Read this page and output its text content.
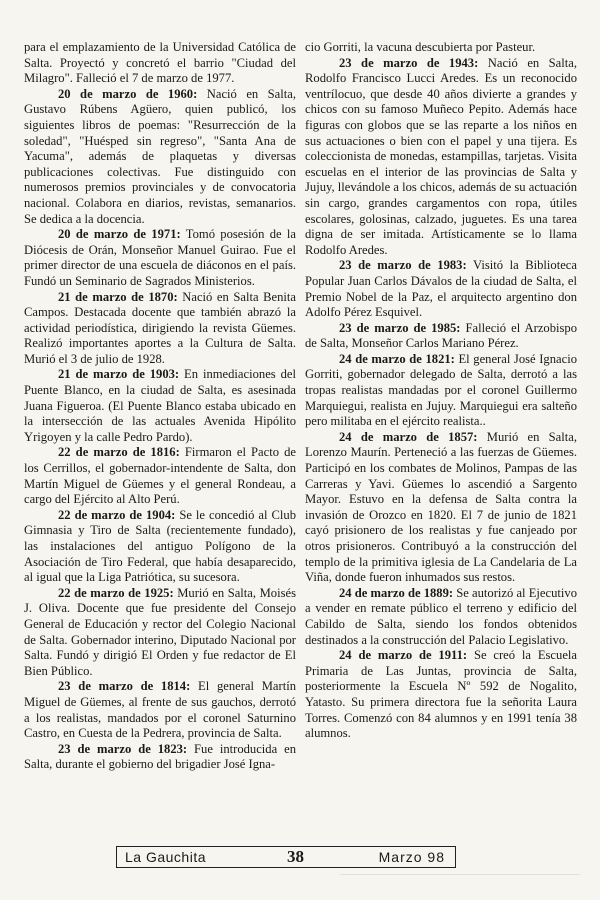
para el emplazamiento de la Universidad Católica de Salta. Proyectó y concretó el barrio "Ciudad del Milagro". Falleció el 7 de marzo de 1977.

20 de marzo de 1960: Nació en Salta, Gustavo Rúbens Agüero, quien publicó, los siguientes libros de poemas: "Resurrección de la soledad", "Huésped sin regreso", "Santa Ana de Yacuma", además de plaquetas y diversas publicaciones colectivas. Fue distinguido con numerosos premios provinciales y de convocatoria nacional. Colabora en diarios, revistas, semanarios. Se dedica a la docencia.

20 de marzo de 1971: Tomó posesión de la Diócesis de Orán, Monseñor Manuel Guirao. Fue el primer director de una escuela de diáconos en el país. Fundó un Seminario de Sagrados Ministerios.

21 de marzo de 1870: Nació en Salta Benita Campos. Destacada docente que también abrazó la actividad periodística, dirigiendo la revista Güemes. Realizó importantes aportes a la Cultura de Salta. Murió el 3 de julio de 1928.

21 de marzo de 1903: En inmediaciones del Puente Blanco, en la ciudad de Salta, es asesinada Juana Figueroa. (El Puente Blanco estaba ubicado en la intersección de las actuales Avenida Hipólito Yrigoyen y la calle Pedro Pardo).

22 de marzo de 1816: Firmaron el Pacto de los Cerrillos, el gobernador-intendente de Salta, don Martín Miguel de Güemes y el general Rondeau, a cargo del Ejército al Alto Perú.

22 de marzo de 1904: Se le concedió al Club Gimnasia y Tiro de Salta (recientemente fundado), las instalaciones del antiguo Polígono de la Asociación de Tiro Federal, que había desaparecido, al igual que la Liga Patriótica, su sucesora.

22 de marzo de 1925: Murió en Salta, Moisés J. Oliva. Docente que fue presidente del Consejo General de Educación y rector del Colegio Nacional de Salta. Gobernador interino, Diputado Nacional por Salta. Fundó y dirigió El Orden y fue redactor de El Bien Público.

23 de marzo de 1814: El general Martín Miguel de Güemes, al frente de sus gauchos, derrotó a los realistas, mandados por el coronel Saturnino Castro, en Cuesta de la Pedrera, provincia de Salta.

23 de marzo de 1823: Fue introducida en Salta, durante el gobierno del brigadier José Igna-

cio Gorriti, la vacuna descubierta por Pasteur.

23 de marzo de 1943: Nació en Salta, Rodolfo Francisco Lucci Aredes. Es un reconocido ventrílocuo, que desde 40 años divierte a grandes y chicos con su famoso Muñeco Pepito. Además hace figuras con globos que se las reparte a los niños en sus actuaciones o bien con el papel y una tijera. Es coleccionista de monedas, estampillas, tarjetas. Visita escuelas en el interior de las provincias de Salta y Jujuy, llevándole a los chicos, además de su actuación sin cargo, grandes cargamentos con ropa, útiles escolares, golosinas, calzado, juguetes. Es una tarea digna de ser imitada. Artísticamente se lo llama Rodolfo Aredes.

23 de marzo de 1983: Visitó la Biblioteca Popular Juan Carlos Dávalos de la ciudad de Salta, el Premio Nobel de la Paz, el arquitecto argentino don Adolfo Pérez Esquivel.

23 de marzo de 1985: Falleció el Arzobispo de Salta, Monseñor Carlos Mariano Pérez.

24 de marzo de 1821: El general José Ignacio Gorriti, gobernador delegado de Salta, derrotó a las tropas realistas mandadas por el coronel Guillermo Marquiegui, realista en Jujuy. Marquiegui era salteño pero militaba en el ejército realista..

24 de marzo de 1857: Murió en Salta, Lorenzo Maurín. Perteneció a las fuerzas de Güemes. Participó en los combates de Molinos, Pampas de las Carreras y Yavi. Güemes lo ascendió a Sargento Mayor. Estuvo en la defensa de Salta contra la invasión de Orozco en 1820. El 7 de junio de 1821 cayó prisionero de los realistas y fue canjeado por otros prisioneros. Contribuyó a la construcción del templo de la primitiva iglesia de La Candelaria de La Viña, donde fueron inhumados sus restos.

24 de marzo de 1889: Se autorizó al Ejecutivo a vender en remate público el terreno y edificio del Cabildo de Salta, siendo los fondos obtenidos destinados a la construcción del Palacio Legislativo.

24 de marzo de 1911: Se creó la Escuela Primaria de Las Juntas, provincia de Salta, posteriormente la Escuela Nº 592 de Nogalito, Yatasto. Su primera directora fue la señorita Laura Torres. Comenzó con 84 alumnos y en 1991 tenía 38 alumnos.

La Gauchita	38	Marzo 98
